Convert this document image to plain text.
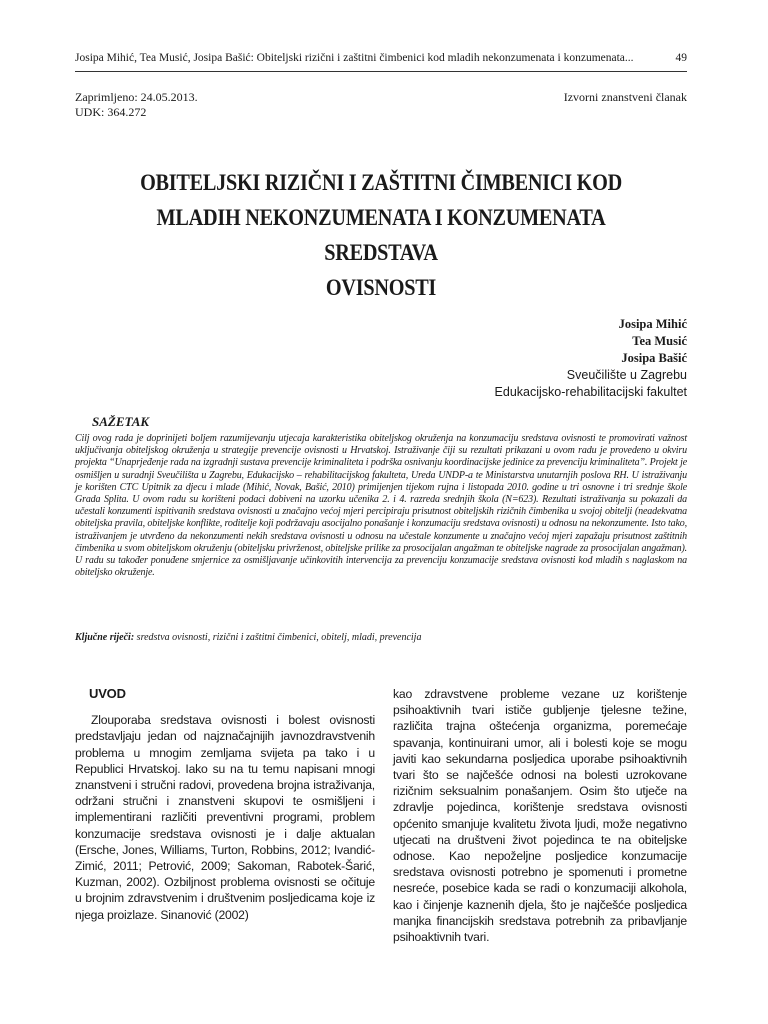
Josipa Mihić, Tea Musić, Josipa Bašić: Obiteljski rizični i zaštitni čimbenici kod mladih nekonzumenata i konzumenata...	49
Zaprimljeno: 24.05.2013.
UDK: 364.272
Izvorni znanstveni članak
OBITELJSKI RIZIČNI I ZAŠTITNI ČIMBENICI KOD
MLADIH NEKONZUMENATA I KONZUMENATA SREDSTAVA
OVISNOSTI
Josipa Mihić
Tea Musić
Josipa Bašić
Sveučilište u Zagrebu
Edukacijsko-rehabilitacijski fakultet
SAŽETAK
Cilj ovog rada je doprinijeti boljem razumijevanju utjecaja karakteristika obiteljskog okruženja na konzumaciju sredstava ovisnosti te promovirati važnost uključivanja obiteljskog okruženja u strategije prevencije ovisnosti u Hrvatskoj. Istraživanje čiji su rezultati prikazani u ovom radu je provedeno u okviru projekta “Unaprjeđenje rada na izgradnji sustava prevencije kriminaliteta i podrška osnivanju koordinacijske jedinice za prevenciju kriminaliteta”. Projekt je osmišljen u suradnji Sveučilišta u Zagrebu, Edukacijsko – rehabilitacijskog fakulteta, Ureda UNDP-a te Ministarstva unutarnjih poslova RH. U istraživanju je korišten CTC Upitnik za djecu i mlade (Mihić, Novak, Bašić, 2010) primijenjen tijekom rujna i listopada 2010. godine u tri osnovne i tri srednje škole Grada Splita. U ovom radu su korišteni podaci dobiveni na uzorku učenika 2. i 4. razreda srednjih škola (N=623). Rezultati istraživanja su pokazali da učestali konzumenti ispitivanih sredstava ovisnosti u značajno većoj mjeri percipiraju prisutnost obiteljskih rizičnih čimbenika u svojoj obitelji (neadekvatna obiteljska pravila, obiteljske konflikte, roditelje koji podržavaju asocijalno ponašanje i konzumaciju sredstava ovisnosti) u odnosu na nekonzumente. Isto tako, istraživanjem je utvrđeno da nekonzumenti nekih sredstava ovisnosti u odnosu na učestale konzumente u značajno većoj mjeri zapažaju prisutnost zaštitnih čimbenika u svom obiteljskom okruženju (obiteljsku privrženost, obiteljske prilike za prosocijalan angažman te obiteljske nagrade za prosocijalan angažman). U radu su također ponuđene smjernice za osmišljavanje učinkovitih intervencija za prevenciju konzumacije sredstava ovisnosti kod mladih s naglaskom na obiteljsko okruženje.
Ključne riječi: sredstva ovisnosti, rizični i zaštitni čimbenici, obitelj, mladi, prevencija
UVOD

Zlouporaba sredstava ovisnosti i bolest ovisnosti predstavljaju jedan od najznačajnijih javnozdravstvenih problema u mnogim zemljama svijeta pa tako i u Republici Hrvatskoj. Iako su na tu temu napisani mnogi znanstveni i stručni radovi, provedena brojna istraživanja, održani stručni i znanstveni skupovi te osmišljeni i implementirani različiti preventivni programi, problem konzumacije sredstava ovisnosti je i dalje aktualan (Ersche, Jones, Williams, Turton, Robbins, 2012; Ivandić- Zimić, 2011; Petrović, 2009; Sakoman, Rabotek-Šarić, Kuzman, 2002). Ozbiljnost problema ovisnosti se očituje u brojnim zdravstvenim i društvenim posljedicama koje iz njega proizlaze. Sinanović (2002)

kao zdravstvene probleme vezane uz korištenje psihoaktivnih tvari ističe gubljenje tjelesne težine, različita trajna oštećenja organizma, poremećaje spavanja, kontinuirani umor, ali i bolesti koje se mogu javiti kao sekundarna posljedica uporabe psihoaktivnih tvari što se najčešće odnosi na bolesti uzrokovane rizičnim seksualnim ponašanjem. Osim što utječe na zdravlje pojedinca, korištenje sredstava ovisnosti općenito smanjuje kvalitetu života ljudi, može negativno utjecati na društveni život pojedinca te na obiteljske odnose. Kao nepoželjne posljedice konzumacije sredstava ovisnosti potrebno je spomenuti i prometne nesreće, posebice kada se radi o konzumaciji alkohola, kao i činjenje kaznenih djela, što je najčešće posljedica manjka financijskih sredstava potrebnih za pribavljanje psihoaktivnih tvari.
